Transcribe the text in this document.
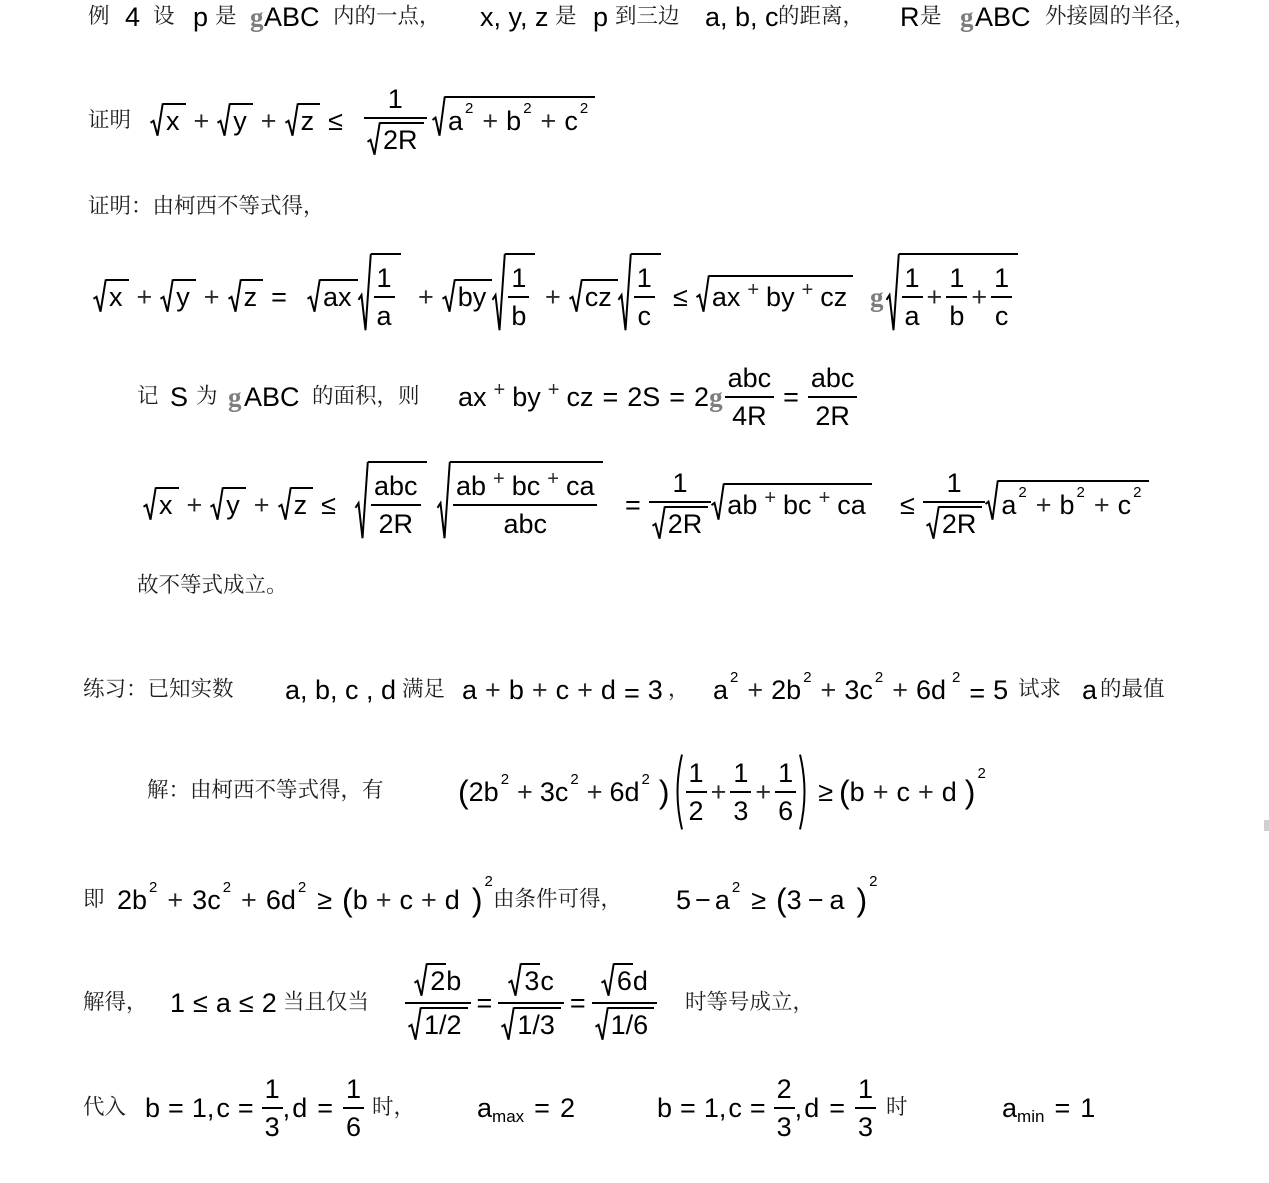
例 4 设 p 是 g ABC 内的一点， x, y, z 是 p 到三边 a, b, c 的距离， R 是 g ABC 外接圆的半径，
证明 x + y + z ≤
1
2R
a 2 + b 2 + c 2
证明：由柯西不等式得，
x + y + z = ax
1
a
+ by
1
b
+ cz
1
c
≤ ax + by + cz g
1
a
+
1
b
+
1
c
记 S 为 g ABC 的面积，则 ax + by + cz = 2S = 2 g
abc
4R
=
abc
2R
x + y + z ≤
abc
2R
ab + bc + ca
abc
=
1
2R
ab + bc + ca ≤
1
2R
a 2 + b 2 + c 2
故不等式成立。
练习：已知实数 a, b, c , d 满足 a + b + c + d = 3 ， a 2 + 2b 2 + 3c 2 + 6d 2
= 5 试求 a 的最值
解：由柯西不等式得，有 ( 2b 2 + 3c 2 + 6d 2 )
1
2
+
1
3
+
1
6
≥ ( b + c + d )
2
即 2b 2 + 3c 2 + 6d 2 ≥ ( b + c + d )
2
由条件可得， 5 − a 2 ≥ ( 3 − a )
2
解得， 1 ≤ a ≤ 2 当且仅当
2 b
1/2
=
3 c
1/3
=
6 d
1/6
时等号成立，
代入 b = 1 , c =
1
3
, d =
1
6
时， a max = 2	b = 1 , c =
2
3
, d =
1
3
时	a min = 1
